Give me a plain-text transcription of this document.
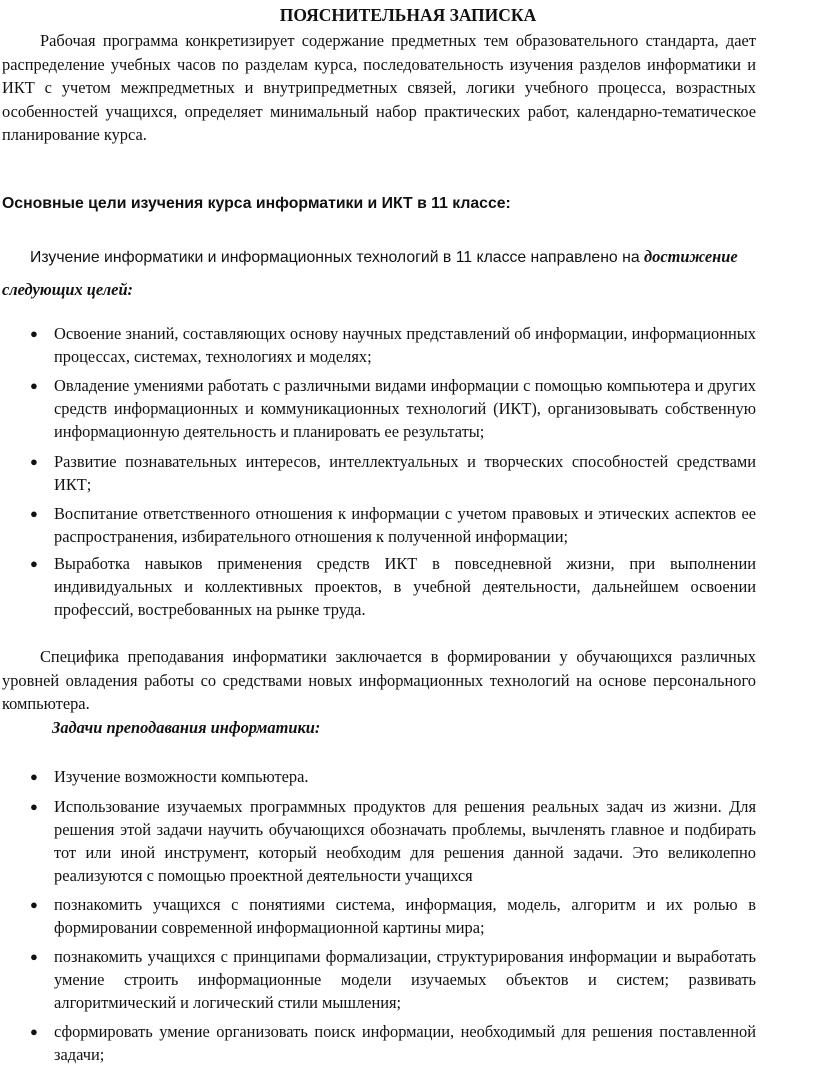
ПОЯСНИТЕЛЬНАЯ ЗАПИСКА

Рабочая программа конкретизирует содержание предметных тем образовательного стандарта, дает распределение учебных часов по разделам курса, последовательность изучения разделов информатики и ИКТ с учетом межпредметных и внутрипредметных связей, логики учебного процесса, возрастных особенностей учащихся, определяет минимальный набор практических работ, календарно-тематическое планирование курса.

Основные цели изучения курса информатики и ИКТ в 11 классе:

Изучение информатики и информационных технологий в 11 классе направлено на достижение следующих целей:

● Освоение знаний, составляющих основу научных представлений об информации, информационных процессах, системах, технологиях и моделях;
● Овладение умениями работать с различными видами информации с помощью компьютера и других средств информационных и коммуникационных технологий (ИКТ), организовывать собственную информационную деятельность и планировать ее результаты;
● Развитие познавательных интересов, интеллектуальных и творческих способностей средствами ИКТ;
● Воспитание ответственного отношения к информации с учетом правовых и этических аспектов ее распространения, избирательного отношения к полученной информации;
● Выработка навыков применения средств ИКТ в повседневной жизни, при выполнении индивидуальных и коллективных проектов, в учебной деятельности, дальнейшем освоении профессий, востребованных на рынке труда.

Специфика преподавания информатики заключается в формировании у обучающихся различных уровней овладения работы со средствами новых информационных технологий на основе персонального компьютера.

Задачи преподавания информатики:
● Изучение возможности компьютера.
● Использование изучаемых программных продуктов для решения реальных задач из жизни. Для решения этой задачи научить обучающихся обозначать проблемы, вычленять главное и подбирать тот или иной инструмент, который необходим для решения данной задачи. Это великолепно реализуются с помощью проектной деятельности учащихся
● познакомить учащихся с понятиями система, информация, модель, алгоритм и их ролью в формировании современной информационной картины мира;
● познакомить учащихся с принципами формализации, структурирования информации и выработать умение строить информационные модели изучаемых объектов и систем; развивать алгоритмический и логический стили мышления;
● сформировать умение организовать поиск информации, необходимый для решения поставленной задачи;
